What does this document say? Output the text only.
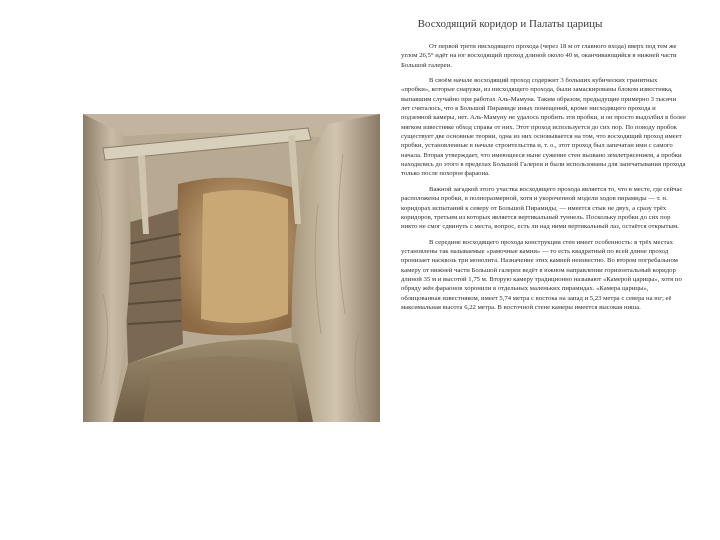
Восходящий коридор и Палаты царицы

От первой трети нисходящего прохода (через 18 м от главного входа) вверх под тем же углом 26,5° идёт на юг восходящий проход длиной около 40 м, оканчивающийся в нижней части Большой галереи.

В своём начале восходящий проход содержит 3 больших кубических гранитных «пробки», которые снаружи, из нисходящего прохода, были замаскированы блоком известняка, выпавшим случайно при работах Аль-Мамуна. Таким образом, предыдущие примерно 3 тысячи лет считалось, что в Большой Пирамиде иных помещений, кроме нисходящего прохода и подземной камеры, нет. Аль-Мамуну не удалось пробить эти пробки, и он просто выдолбил в более мягком известняке обход справа от них. Этот проход используется до сих пор. По поводу пробок существует две основные теории, одна из них основывается на том, что восходящий проход имеет пробки, установленные в начале строительства и, т. о., этот проход был запечатан ими с самого начала. Вторая утверждает, что имеющееся ныне сужение стен вызвано землетрясением, а пробки находились до этого в пределах Большой Галереи и были использованы для запечатывания прохода только после похорон фараона.

Важной загадкой этого участка восходящего прохода является то, что в месте, где сейчас расположены пробки, в полноразмерной, хотя и укороченной модели ходов пирамиды — т. н. коридорах испытаний к северу от Большой Пирамиды, — имеется стык не двух, а сразу трёх коридоров, третьим из которых является вертикальный туннель. Поскольку пробки до сих пор никто не смог сдвинуть с места, вопрос, есть ли над ними вертикальный лаз, остаётся открытым.

В середине восходящего прохода конструкция стен имеет особенность: в трёх местах установлены так называемые «рамочные камни» — то есть квадратный по всей длине проход пронизает насквозь три монолита. Назначение этих камней неизвестно. Во втором погребальном камеру от нижней части Большой галереи ведёт в южном направлении горизонтальный коридор длиной 35 м и высотой 1,75 м. Вторую камеру традиционно называют «Камерой царицы», хотя по обряду жён фараонов хоронили в отдельных маленьких пирамидах. «Камера царицы», облицованная известняком, имеет 5,74 метра с востока на запад и 5,23 метра с севера на юг; её максимальная высота 6,22 метра. В восточной стене камеры имеется высокая ниша.
